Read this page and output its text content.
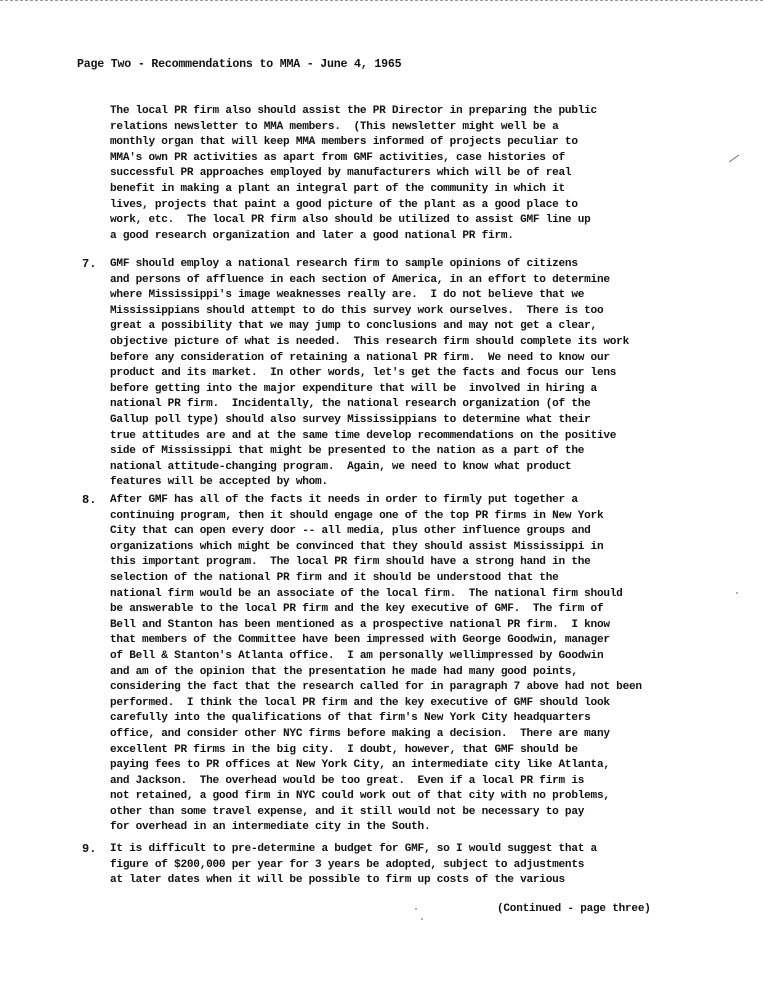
Page Two - Recommendations to MMA - June 4, 1965
The local PR firm also should assist the PR Director in preparing the public
relations newsletter to MMA members.  (This newsletter might well be a
monthly organ that will keep MMA members informed of projects peculiar to
MMA's own PR activities as apart from GMF activities, case histories of
successful PR approaches employed by manufacturers which will be of real
benefit in making a plant an integral part of the community in which it
lives, projects that paint a good picture of the plant as a good place to
work, etc.  The local PR firm also should be utilized to assist GMF line up
a good research organization and later a good national PR firm.
7. GMF should employ a national research firm to sample opinions of citizens
and persons of affluence in each section of America, in an effort to determine
where Mississippi's image weaknesses really are.  I do not believe that we
Mississippians should attempt to do this survey work ourselves.  There is too
great a possibility that we may jump to conclusions and may not get a clear,
objective picture of what is needed.  This research firm should complete its work
before any consideration of retaining a national PR firm.  We need to know our
product and its market.  In other words, let's get the facts and focus our lens
before getting into the major expenditure that will be  involved in hiring a
national PR firm.  Incidentally, the national research organization (of the
Gallup poll type) should also survey Mississippians to determine what their
true attitudes are and at the same time develop recommendations on the positive
side of Mississippi that might be presented to the nation as a part of the
national attitude-changing program.  Again, we need to know what product
features will be accepted by whom.
8. After GMF has all of the facts it needs in order to firmly put together a
continuing program, then it should engage one of the top PR firms in New York
City that can open every door -- all media, plus other influence groups and
organizations which might be convinced that they should assist Mississippi in
this important program.  The local PR firm should have a strong hand in the
selection of the national PR firm and it should be understood that the
national firm would be an associate of the local firm.  The national firm should
be answerable to the local PR firm and the key executive of GMF.  The firm of
Bell and Stanton has been mentioned as a prospective national PR firm.  I know
that members of the Committee have been impressed with George Goodwin, manager
of Bell & Stanton's Atlanta office.  I am personally wellimpressed by Goodwin
and am of the opinion that the presentation he made had many good points,
considering the fact that the research called for in paragraph 7 above had not been
performed.  I think the local PR firm and the key executive of GMF should look
carefully into the qualifications of that firm's New York City headquarters
office, and consider other NYC firms before making a decision.  There are many
excellent PR firms in the big city.  I doubt, however, that GMF should be
paying fees to PR offices at New York City, an intermediate city like Atlanta,
and Jackson.  The overhead would be too great.  Even if a local PR firm is
not retained, a good firm in NYC could work out of that city with no problems,
other than some travel expense, and it still would not be necessary to pay
for overhead in an intermediate city in the South.
9. It is difficult to pre-determine a budget for GMF, so I would suggest that a
figure of $200,000 per year for 3 years be adopted, subject to adjustments
at later dates when it will be possible to firm up costs of the various
(Continued - page three)
